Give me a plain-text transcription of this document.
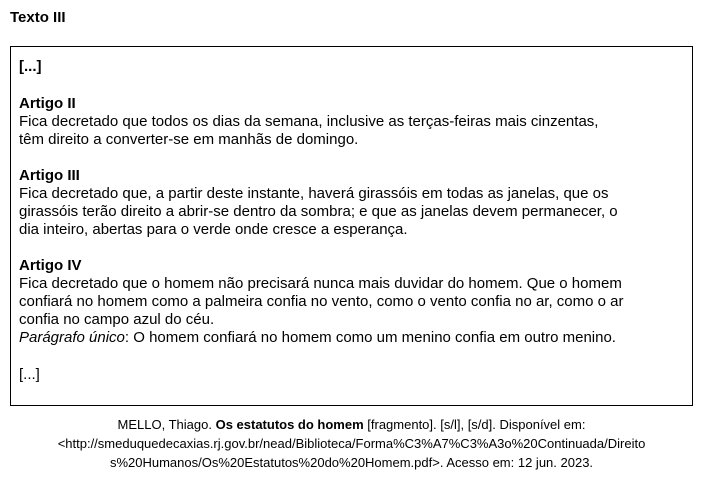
Texto III

[...]

Artigo II

Fica decretado que todos os dias da semana, inclusive as terças-feiras mais cinzentas,

têm direito a converter-se em manhãs de domingo.

Artigo III

Fica decretado que, a partir deste instante, haverá girassóis em todas as janelas, que os

girassóis terão direito a abrir-se dentro da sombra; e que as janelas devem permanecer, o

dia inteiro, abertas para o verde onde cresce a esperança.

Artigo IV

Fica decretado que o homem não precisará nunca mais duvidar do homem. Que o homem

confiará no homem como a palmeira confia no vento, como o vento confia no ar, como o ar

confia no campo azul do céu.

Parágrafo único: O homem confiará no homem como um menino confia em outro menino.

[...]

MELLO, Thiago. Os estatutos do homem [fragmento]. [s/l], [s/d]. Disponível em:
<http://smeduquedecaxias.rj.gov.br/nead/Biblioteca/Forma%C3%A7%C3%A3o%20Continuada/Direito
s%20Humanos/Os%20Estatutos%20do%20Homem.pdf>. Acesso em: 12 jun. 2023.
